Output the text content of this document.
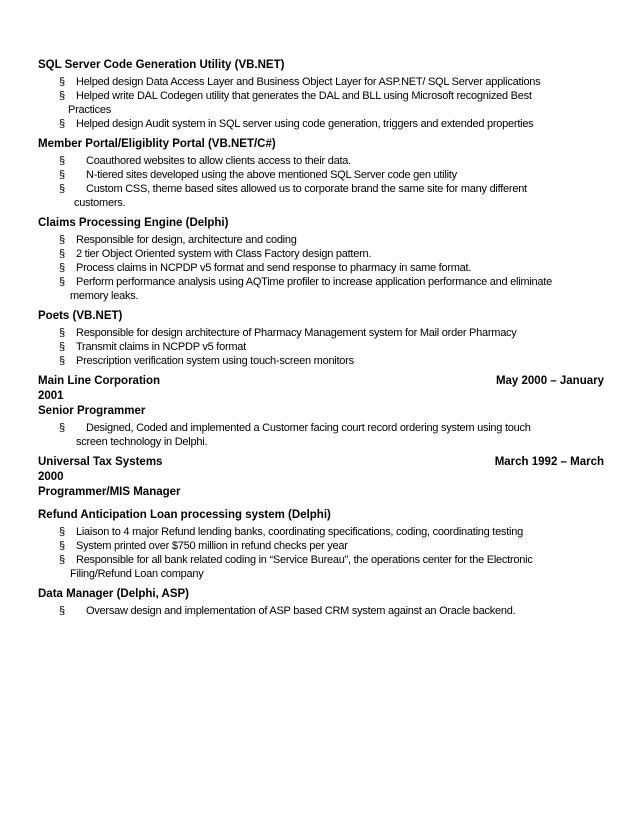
SQL Server Code Generation Utility (VB.NET)

§ Helped design Data Access Layer and Business Object Layer for ASP.NET/ SQL Server applications
§ Helped write DAL Codegen utility that generates the DAL and BLL using Microsoft recognized Best
Practices
§ Helped design Audit system in SQL server using code generation, triggers and extended properties

Member Portal/Eligiblity Portal (VB.NET/C#)

§ Coauthored websites to allow clients access to their data.
§ N-tiered sites developed using the above mentioned SQL Server code gen utility
§ Custom CSS, theme based sites allowed us to corporate brand the same site for many different
customers.

Claims Processing Engine (Delphi)

§ Responsible for design, architecture and coding
§ 2 tier Object Oriented system with Class Factory design pattern.
§ Process claims in NCPDP v5 format and send response to pharmacy in same format.
§ Perform performance analysis using AQTime profiler to increase application performance and eliminate
memory leaks.

Poets (VB.NET)

§ Responsible for design architecture of Pharmacy Management system for Mail order Pharmacy
§ Transmit claims in NCPDP v5 format
§ Prescription verification system using touch-screen monitors
Main Line Corporation	May 2000 – January
2001
Senior Programmer
§ Designed, Coded and implemented a Customer facing court record ordering system using touch
screen technology in Delphi.
Universal Tax Systems	March 1992 – March
2000
Programmer/MIS Manager

Refund Anticipation Loan processing system (Delphi)

§ Liaison to 4 major Refund lending banks, coordinating specifications, coding, coordinating testing
§ System printed over $750 million in refund checks per year
§ Responsible for all bank related coding in “Service Bureau”, the operations center for the Electronic
Filing/Refund Loan company

Data Manager (Delphi, ASP)

§ Oversaw design and implementation of ASP based CRM system against an Oracle backend.
